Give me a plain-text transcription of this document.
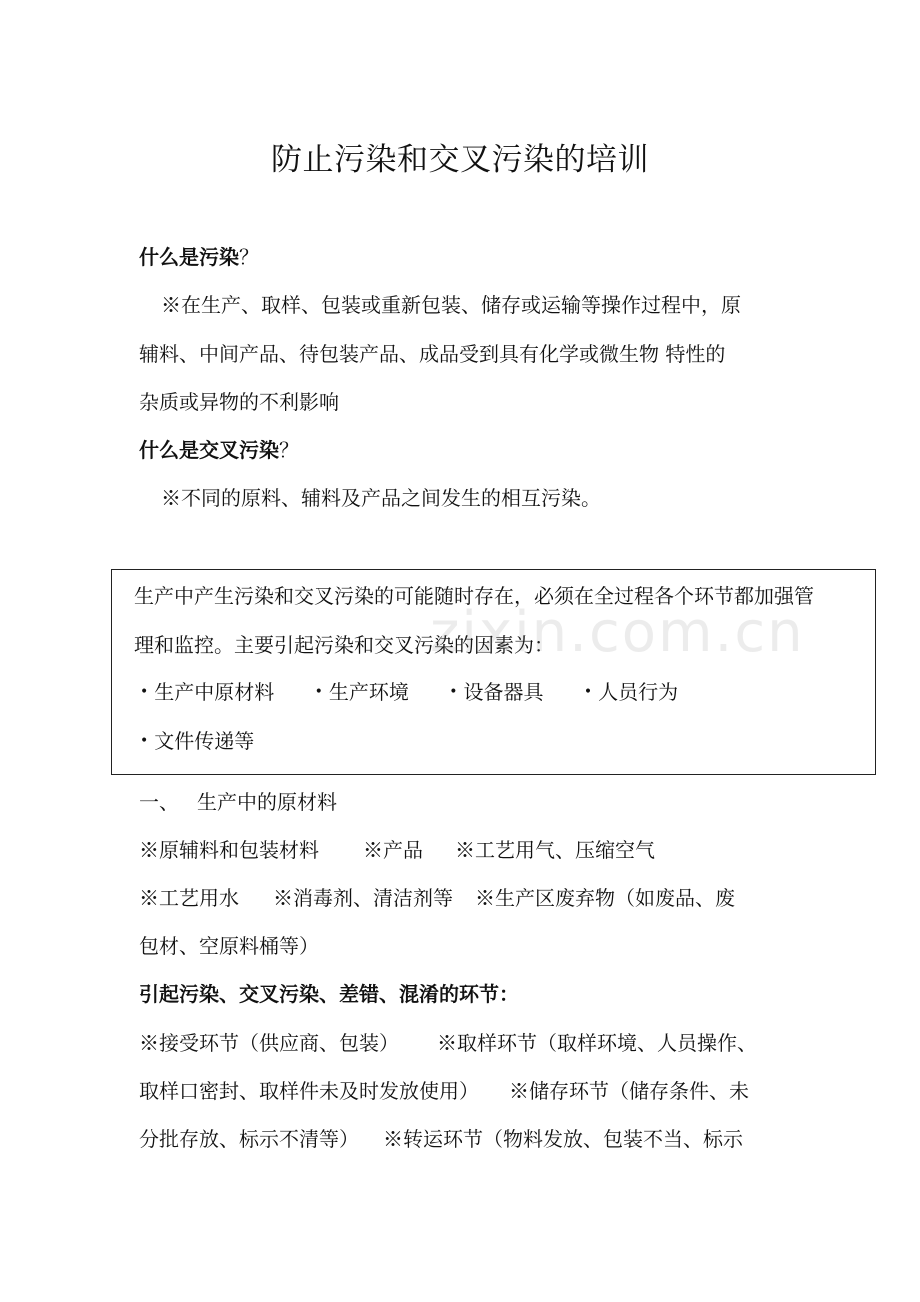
防止污染和交叉污染的培训
什么是污染？
※在生产、取样、包装或重新包装、储存或运输等操作过程中，原
辅料、中间产品、待包装产品、成品受到具有化学或微生物 特性的
杂质或异物的不利影响
什么是交叉污染？
※不同的原料、辅料及产品之间发生的相互污染。
生产中产生污染和交叉污染的可能随时存在，必须在全过程各个环节都加强管
理和监控。主要引起污染和交叉污染的因素为：
• 生产中原材料	• 生产环境	• 设备器具	• 人员行为
• 文件传递等
zixin.com.cn
一、 生产中的原材料
※原辅料和包装材料 ※产品 ※工艺用气、压缩空气
※工艺用水 ※消毒剂、清洁剂等 ※生产区废弃物（如废品、废
包材、空原料桶等）
引起污染、交叉污染、差错、混淆的环节：
※接受环节（供应商、包装） ※取样环节（取样环境、人员操作、
取样口密封、取样件未及时发放使用） ※储存环节（储存条件、未
分批存放、标示不清等） ※转运环节（物料发放、包装不当、标示
